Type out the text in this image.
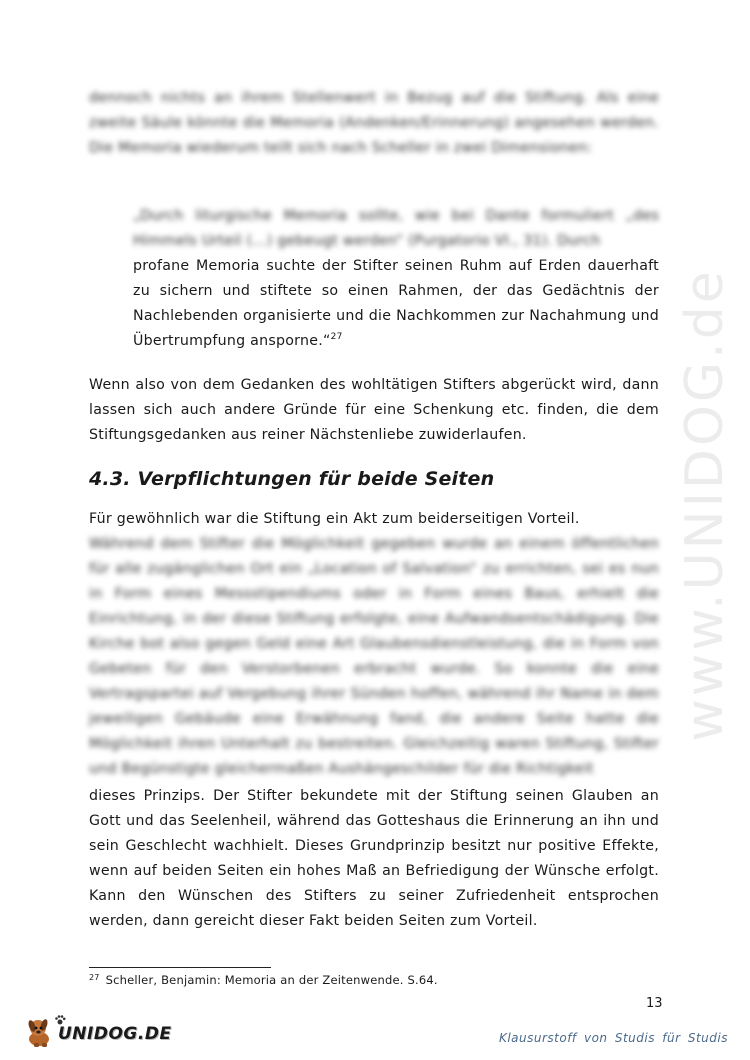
www.UNIDOG.de

dennoch nichts an ihrem Stellenwert in Bezug auf die Stiftung. Als eine zweite Säule könnte die Memoria (Andenken/Erinnerung) angesehen werden. Die Memoria wiederum teilt sich nach Scheller in zwei Dimensionen:

„Durch liturgische Memoria sollte, wie bei Dante formuliert „des Himmels Urteil (…) gebeugt werden“ (Purgatorio VI., 31). Durch

profane Memoria suchte der Stifter seinen Ruhm auf Erden dauerhaft zu sichern und stiftete so einen Rahmen, der das Gedächtnis der Nachlebenden organisierte und die Nachkommen zur Nachahmung und Übertrumpfung ansporne.“$^{27}$

Wenn also von dem Gedanken des wohltätigen Stifters abgerückt wird, dann lassen sich auch andere Gründe für eine Schenkung etc. finden, die dem Stiftungsgedanken aus reiner Nächstenliebe zuwiderlaufen.

4.3. Verpflichtungen für beide Seiten

Für gewöhnlich war die Stiftung ein Akt zum beiderseitigen Vorteil.

Während dem Stifter die Möglichkeit gegeben wurde an einem öffentlichen für alle zugänglichen Ort ein „Location of Salvation“ zu errichten, sei es nun in Form eines Messstipendiums oder in Form eines Baus, erhielt die Einrichtung, in der diese Stiftung erfolgte, eine Aufwandsentschädigung. Die Kirche bot also gegen Geld eine Art Glaubensdienstleistung, die in Form von Gebeten für den Verstorbenen erbracht wurde. So konnte die eine Vertragspartei auf Vergebung ihrer Sünden hoffen, während ihr Name in dem jeweiligen Gebäude eine Erwähnung fand, die andere Seite hatte die Möglichkeit ihren Unterhalt zu bestreiten. Gleichzeitig waren Stiftung, Stifter und Begünstigte gleichermaßen Aushängeschilder für die Richtigkeit

dieses Prinzips. Der Stifter bekundete mit der Stiftung seinen Glauben an Gott und das Seelenheil, während das Gotteshaus die Erinnerung an ihn und sein Geschlecht wachhielt. Dieses Grundprinzip besitzt nur positive Effekte, wenn auf beiden Seiten ein hohes Maß an Befriedigung der Wünsche erfolgt. Kann den Wünschen des Stifters zu seiner Zufriedenheit entsprochen werden, dann gereicht dieser Fakt beiden Seiten zum Vorteil.

$^{27}$ Scheller, Benjamin: Memoria an der Zeitenwende. S.64.

13
UNIDOG.DE	Klausurstoff von Studis für Studis
